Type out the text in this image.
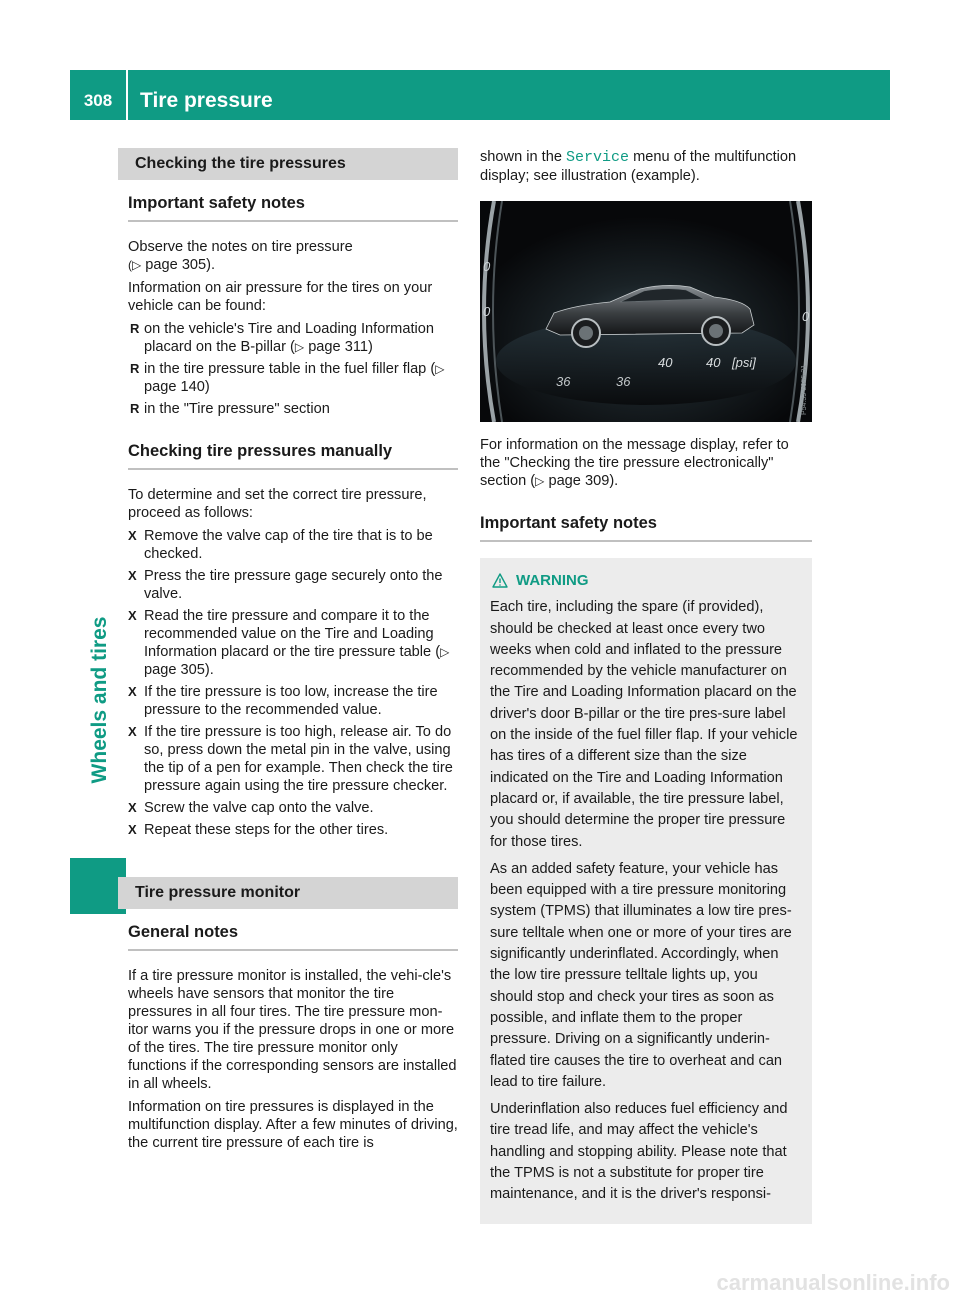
308	Tire pressure
Wheels and tires
Checking the tire pressures
Important safety notes
Observe the notes on tire pressure
(▷ page 305).
Information on air pressure for the tires on your vehicle can be found:
R on the vehicle's Tire and Loading Information placard on the B-pillar (▷ page 311)
R in the tire pressure table in the fuel filler flap (▷ page 140)
R in the "Tire pressure" section
Checking tire pressures manually
To determine and set the correct tire pressure, proceed as follows:
X Remove the valve cap of the tire that is to be checked.
X Press the tire pressure gage securely onto the valve.
X Read the tire pressure and compare it to the recommended value on the Tire and Loading Information placard or the tire pressure table (▷ page 305).
X If the tire pressure is too low, increase the tire pressure to the recommended value.
X If the tire pressure is too high, release air. To do so, press down the metal pin in the valve, using the tip of a pen for example. Then check the tire pressure again using the tire pressure checker.
X Screw the valve cap onto the valve.
X Repeat these steps for the other tires.
Tire pressure monitor
General notes
If a tire pressure monitor is installed, the vehi-cle's wheels have sensors that monitor the tire pressures in all four tires. The tire pressure mon-itor warns you if the pressure drops in one or more of the tires. The tire pressure monitor only functions if the corresponding sensors are installed in all wheels.
Information on tire pressures is displayed in the multifunction display. After a few minutes of driving, the current tire pressure of each tire is
shown in the Service menu of the multifunction display; see illustration (example).
0
0	0
40	40 [psi]
36	36	P54.33-5085-31
For information on the message display, refer to the "Checking the tire pressure electronically" section (▷ page 309).
Important safety notes
WARNING
Each tire, including the spare (if provided), should be checked at least once every two weeks when cold and inflated to the pressure recommended by the vehicle manufacturer on the Tire and Loading Information placard on the driver's door B-pillar or the tire pres-sure label on the inside of the fuel filler flap. If your vehicle has tires of a different size than the size indicated on the Tire and Loading Information placard or, if available, the tire pressure label, you should determine the proper tire pressure for those tires.
As an added safety feature, your vehicle has been equipped with a tire pressure monitoring system (TPMS) that illuminates a low tire pres-sure telltale when one or more of your tires are significantly underinflated. Accordingly, when the low tire pressure telltale lights up, you should stop and check your tires as soon as possible, and inflate them to the proper pressure. Driving on a significantly underin-flated tire causes the tire to overheat and can lead to tire failure.
Underinflation also reduces fuel efficiency and tire tread life, and may affect the vehicle's handling and stopping ability. Please note that the TPMS is not a substitute for proper tire maintenance, and it is the driver's responsi-
carmanualsonline.info
